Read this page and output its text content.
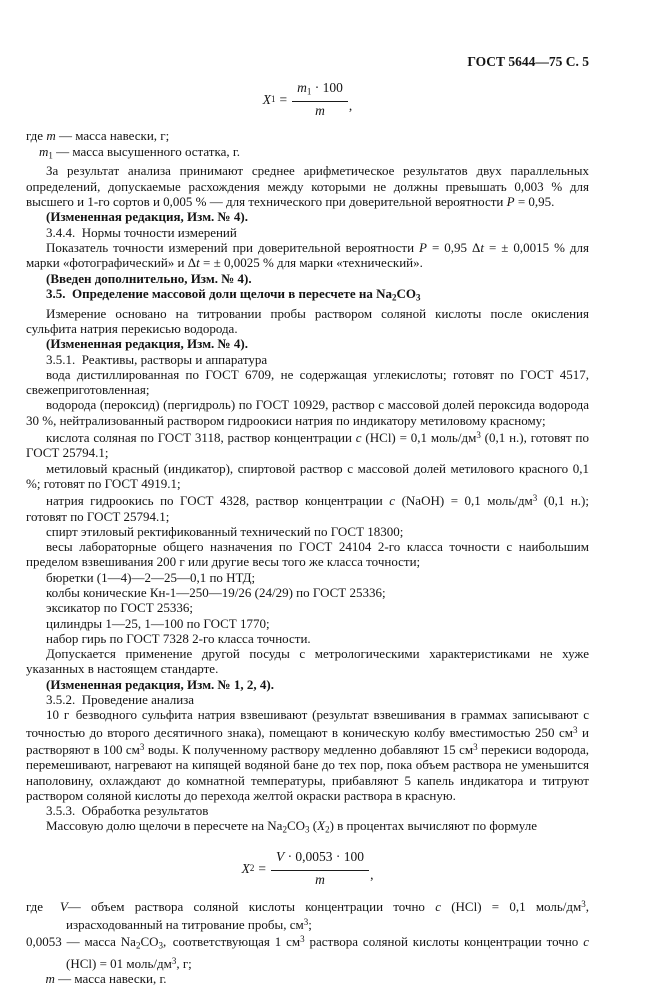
ГОСТ 5644—75 С. 5
X $1 = \frac{m1 \cdot 100}{m}$ ,
где m — масса навески, г;
m1 — масса высушенного остатка, г.

За результат анализа принимают среднее арифметическое результатов двух параллельных определений, допускаемые расхождения между которыми не должны превышать 0,003 % для высшего и 1-го сортов и 0,005 % — для технического при доверительной вероятности P = 0,95.

(Измененная редакция, Изм. № 4).

3.4.4. Нормы точности измерений

Показатель точности измерений при доверительной вероятности P = 0,95 Δt = ± 0,0015 % для марки «фотографический» и Δt = ± 0,0025 % для марки «технический».

(Введен дополнительно, Изм. № 4).

3.5. Определение массовой доли щелочи в пересчете на Na2CO3

Измерение основано на титровании пробы раствором соляной кислоты после окисления сульфита натрия перекисью водорода.

(Измененная редакция, Изм. № 4).

3.5.1. Реактивы, растворы и аппаратура

вода дистиллированная по ГОСТ 6709, не содержащая углекислоты; готовят по ГОСТ 4517, свежеприготовленная;

водорода (пероксид) (пергидроль) по ГОСТ 10929, раствор с массовой долей пероксида водорода 30 %, нейтрализованный раствором гидроокиси натрия по индикатору метиловому красному;

кислота соляная по ГОСТ 3118, раствор концентрации с (HCl) = 0,1 моль/$дм^3$ (0,1 н.), готовят по ГОСТ 25794.1;

метиловый красный (индикатор), спиртовой раствор с массовой долей метилового красного 0,1 %; готовят по ГОСТ 4919.1;

натрия гидроокись по ГОСТ 4328, раствор концентрации с (NaOH) = 0,1 моль/$дм^3$ (0,1 н.); готовят по ГОСТ 25794.1;

спирт этиловый ректификованный технический по ГОСТ 18300;

весы лабораторные общего назначения по ГОСТ 24104 2-го класса точности с наибольшим пределом взвешивания 200 г или другие весы того же класса точности;

бюретки (1—4)—2—25—0,1 по НТД;

колбы конические Кн-1—250—19/26 (24/29) по ГОСТ 25336;

эксикатор по ГОСТ 25336;

цилиндры 1—25, 1—100 по ГОСТ 1770;

набор гирь по ГОСТ 7328 2-го класса точности.

Допускается применение другой посуды с метрологическими характеристиками не хуже указанных в настоящем стандарте.

(Измененная редакция, Изм. № 1, 2, 4).

3.5.2. Проведение анализа

10 г безводного сульфита натрия взвешивают (результат взвешивания в граммах записывают с точностью до второго десятичного знака), помещают в коническую колбу вместимостью 250 $см^3$ и растворяют в 100 $см^3$ воды. К полученному раствору медленно добавляют 15 $см^3$ перекиси водорода, перемешивают, нагревают на кипящей водяной бане до тех пор, пока объем раствора не уменьшится наполовину, охлаждают до комнатной температуры, прибавляют 5 капель индикатора и титруют раствором соляной кислоты до перехода желтой окраски раствора в красную.

3.5.3. Обработка результатов

Массовую долю щелочи в пересчете на Na2CO3 (X2) в процентах вычисляют по формуле

X $2 = \frac{V \cdot 0,0053 \cdot 100}{m}$ ,
где  V— объем раствора соляной кислоты концентрации точно с (HCl) = 0,1 моль/$дм^3$, израсходованный на титрование пробы, $см^3$;
0,0053 — масса Na2CO3, соответствующая 1 $см^3$ раствора соляной кислоты концентрации точно с (HCl) = 01 моль/$дм^3$, г;
  m — масса навески, г.
